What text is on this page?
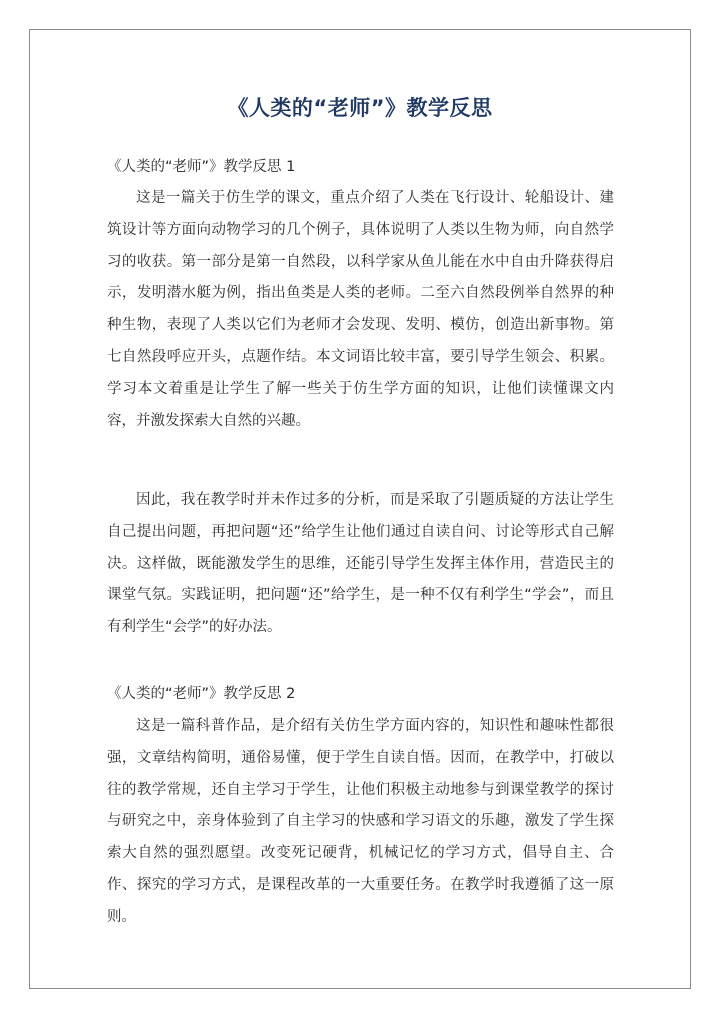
《人类的“老师”》教学反思
《人类的“老师”》教学反思 1
这是一篇关于仿生学的课文，重点介绍了人类在飞行设计、轮船设计、建筑设计等方面向动物学习的几个例子，具体说明了人类以生物为师，向自然学习的收获。第一部分是第一自然段，以科学家从鱼儿能在水中自由升降获得启示，发明潜水艇为例，指出鱼类是人类的老师。二至六自然段例举自然界的种种生物，表现了人类以它们为老师才会发现、发明、模仿，创造出新事物。第七自然段呼应开头，点题作结。本文词语比较丰富，要引导学生领会、积累。学习本文着重是让学生了解一些关于仿生学方面的知识，让他们读懂课文内容，并激发探索大自然的兴趣。
因此，我在教学时并未作过多的分析，而是采取了引题质疑的方法让学生自己提出问题，再把问题“还”给学生让他们通过自读自问、讨论等形式自己解决。这样做，既能激发学生的思维，还能引导学生发挥主体作用，营造民主的课堂气氛。实践证明，把问题“还”给学生，是一种不仅有利学生“学会”，而且有利学生“会学”的好办法。
《人类的“老师”》教学反思 2
这是一篇科普作品，是介绍有关仿生学方面内容的，知识性和趣味性都很强，文章结构简明，通俗易懂，便于学生自读自悟。因而，在教学中，打破以往的教学常规，还自主学习于学生，让他们积极主动地参与到课堂教学的探讨与研究之中，亲身体验到了自主学习的快感和学习语文的乐趣，激发了学生探索大自然的强烈愿望。改变死记硬背，机械记忆的学习方式，倡导自主、合作、探究的学习方式，是课程改革的一大重要任务。在教学时我遵循了这一原则。
